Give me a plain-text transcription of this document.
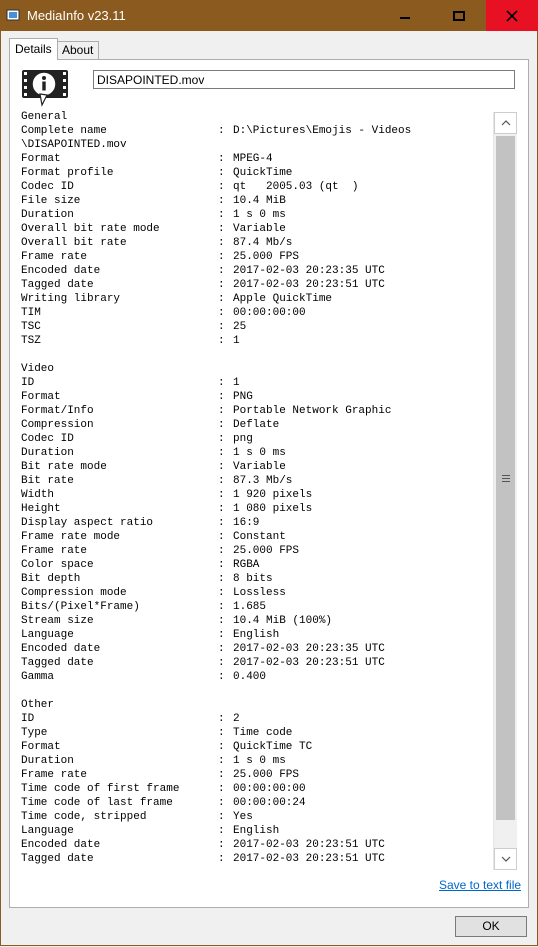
MediaInfo v23.11
Details About
DISAPOINTED.mov
General
Complete name	: D:\Pictures\Emojis - Videos
\DISAPOINTED.mov
Format	: MPEG-4
Format profile	: QuickTime
Codec ID	: qt   2005.03 (qt  )
File size	: 10.4 MiB
Duration	: 1 s 0 ms
Overall bit rate mode	: Variable
Overall bit rate	: 87.4 Mb/s
Frame rate	: 25.000 FPS
Encoded date	: 2017-02-03 20:23:35 UTC
Tagged date	: 2017-02-03 20:23:51 UTC
Writing library	: Apple QuickTime
TIM	: 00:00:00:00
TSC	: 25
TSZ	: 1
Video
ID	: 1
Format	: PNG
Format/Info	: Portable Network Graphic
Compression	: Deflate
Codec ID	: png
Duration	: 1 s 0 ms
Bit rate mode	: Variable
Bit rate	: 87.3 Mb/s
Width	: 1 920 pixels
Height	: 1 080 pixels
Display aspect ratio	: 16:9
Frame rate mode	: Constant
Frame rate	: 25.000 FPS
Color space	: RGBA
Bit depth	: 8 bits
Compression mode	: Lossless
Bits/(Pixel*Frame)	: 1.685
Stream size	: 10.4 MiB (100%)
Language	: English
Encoded date	: 2017-02-03 20:23:35 UTC
Tagged date	: 2017-02-03 20:23:51 UTC
Gamma	: 0.400
Other
ID	: 2
Type	: Time code
Format	: QuickTime TC
Duration	: 1 s 0 ms
Frame rate	: 25.000 FPS
Time code of first frame	: 00:00:00:00
Time code of last frame	: 00:00:00:24
Time code, stripped	: Yes
Language	: English
Encoded date	: 2017-02-03 20:23:51 UTC
Tagged date	: 2017-02-03 20:23:51 UTC
Save to text file
OK
